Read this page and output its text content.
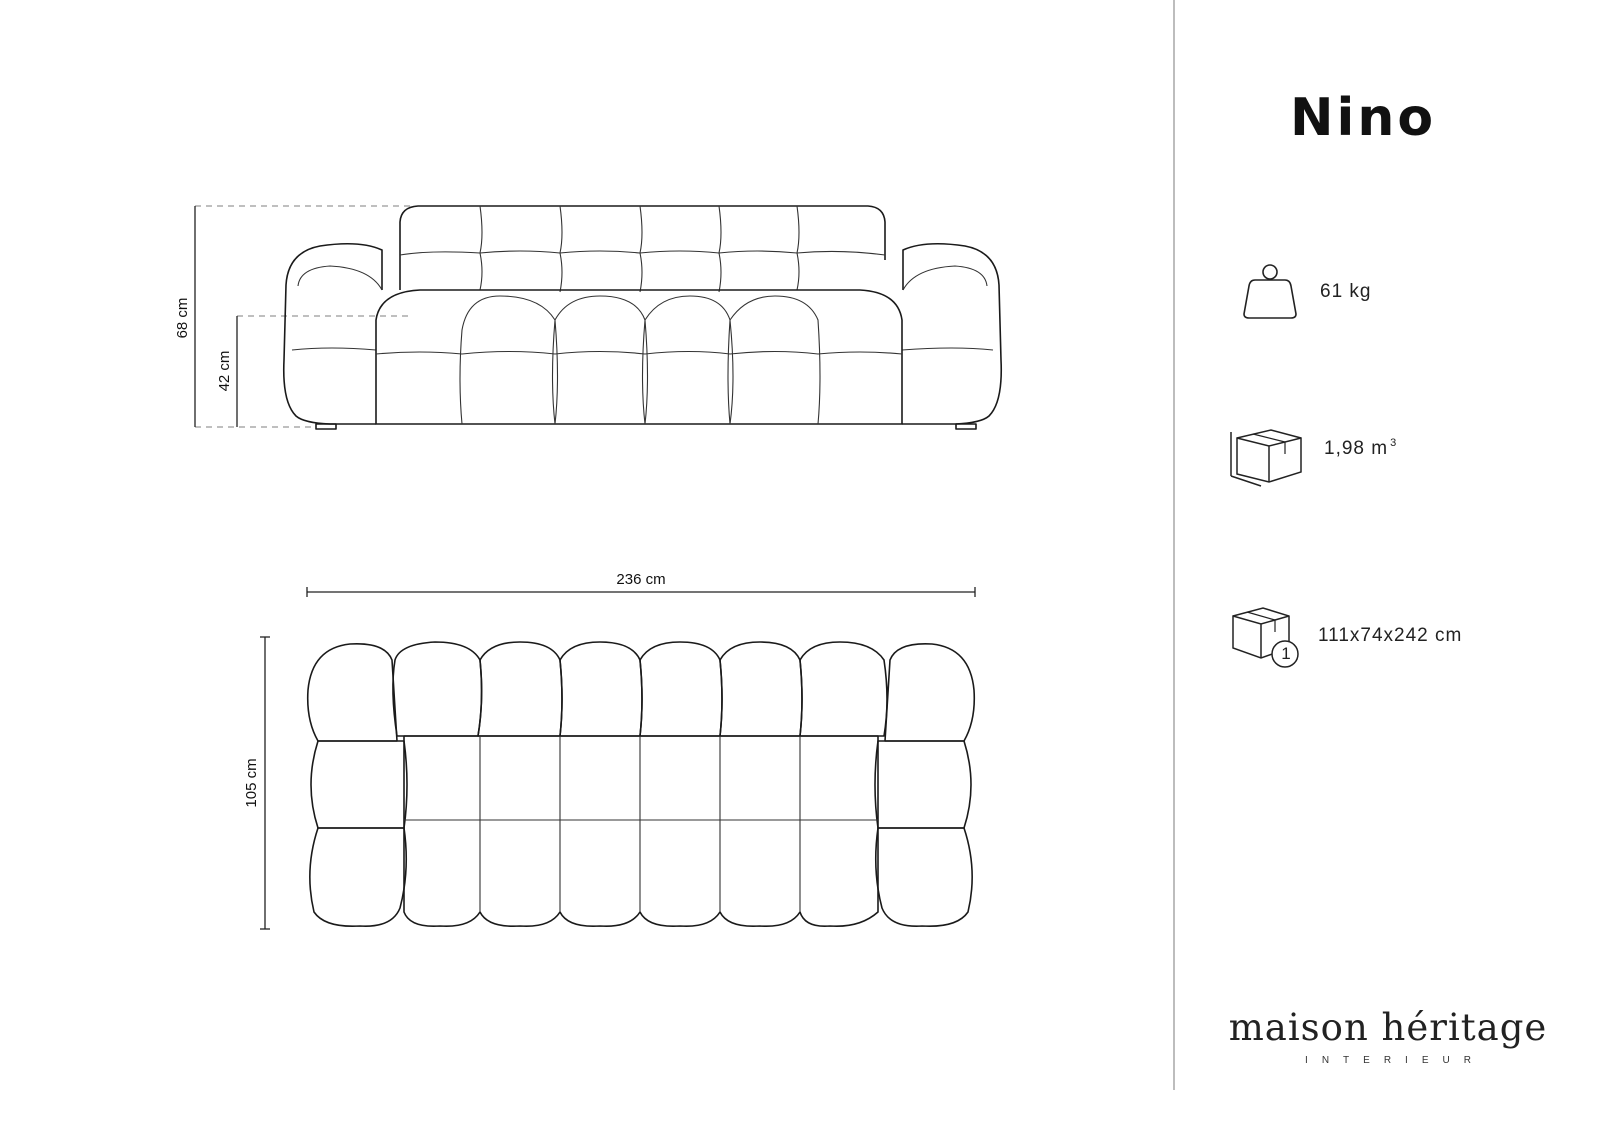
68 cm
42 cm
236 cm
105 cm
Nino
61 kg
1,98 m $^3$
1
111x74x242 cm
maison héritage
INTERIEUR
